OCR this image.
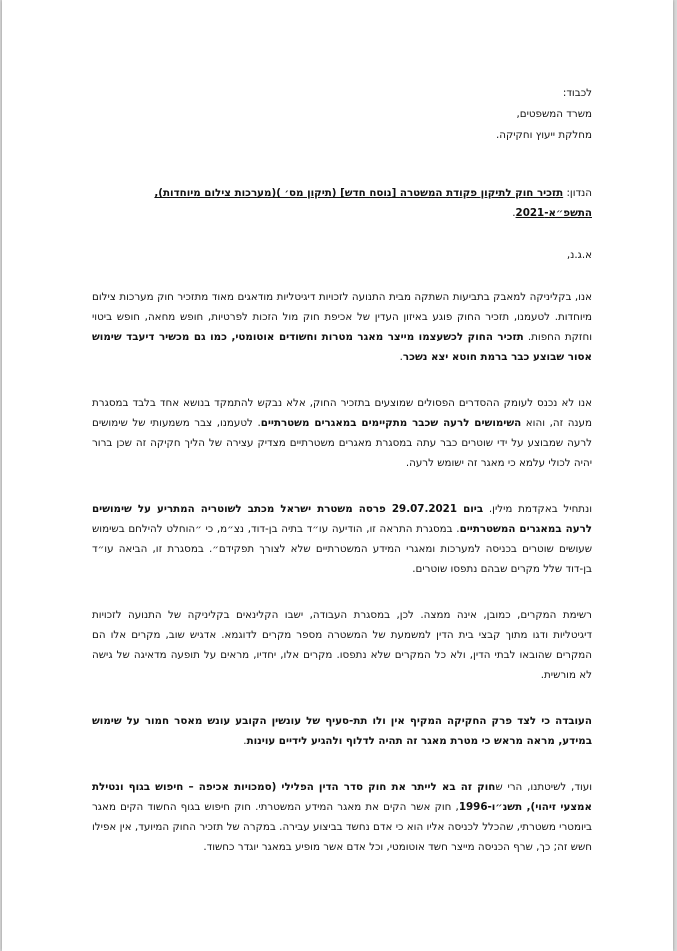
לכבוד:

משרד המשפטים,

מחלקת ייעוץ וחקיקה.

הנדון: תזכיר חוק לתיקון פקודת המשטרה [נוסח חדש] (תיקון מס׳ )(מערכות צילום מיוחדות), התשפ״א-2021.

א.ג.נ,

אנו, בקליניקה למאבק בתביעות השתקה מבית התנועה לזכויות דיגיטליות מודאגים מאוד מתזכיר חוק מערכות צילום מיוחדות. לטעמנו, תזכיר החוק פוגע באיזון העדין של אכיפת חוק מול הזכות לפרטיות, חופש מחאה, חופש ביטוי וחזקת החפות. תזכיר החוק לכשעצמו מייצר מאגר מטרות וחשודים אוטומטי, כמו גם מכשיר דיעבד שימוש אסור שבוצע כבר ברמת חוטא יצא נשכר.

אנו לא נכנס לעומק ההסדרים הפסולים שמוצעים בתזכיר החוק, אלא נבקש להתמקד בנושא אחד בלבד במסגרת מענה זה, והוא השימושים לרעה שכבר מתקיימים במאגרים משטרתיים. לטעמנו, צבר משמעותי של שימושים לרעה שמבוצע על ידי שוטרים כבר עתה במסגרת מאגרים משטרתיים מצדיק עצירה של הליך חקיקה זה שכן ברור יהיה לכולי עלמא כי מאגר זה ישומש לרעה.

ונתחיל באקדמת מילין. ביום 29.07.2021 פרסה משטרת ישראל מכתב לשוטריה המתריע על שימושים לרעה במאגרים המשטרתיים. במסגרת התראה זו, הודיעה עו״ד בתיה בן-דוד, נצ״מ, כי ״הוחלט להילחם בשימוש שעושים שוטרים בכניסה למערכות ומאגרי המידע המשטרתיים שלא לצורך תפקידם״. במסגרת זו, הביאה עו״ד בן-דוד שלל מקרים שבהם נתפסו שוטרים.

רשימת המקרים, כמובן, אינה ממצה. לכן, במסגרת העבודה, ישבו הקלינאים בקליניקה של התנועה לזכויות דיגיטליות ודגו מתוך קבצי בית הדין למשמעת של המשטרה מספר מקרים לדוגמא. אדגיש שוב, מקרים אלו הם המקרים שהובאו לבתי הדין, ולא כל המקרים שלא נתפסו. מקרים אלו, יחדיו, מראים על תופעה מדאיגה של גישה לא מורשית.

העובדה כי לצד פרק החקיקה המקיף אין ולו תת-סעיף של עונשין הקובע עונש מאסר חמור על שימוש במידע, מראה מראש כי מטרת מאגר זה תהיה לדלוף ולהגיע לידיים עוינות.

ועוד, לשיטתנו, הרי שחוק זה בא לייתר את חוק סדר הדין הפלילי (סמכויות אכיפה – חיפוש בגוף ונטילת אמצעי זיהוי), תשנ״ו-1996, חוק אשר הקים את מאגר המידע המשטרתי. חוק חיפוש בגוף החשוד הקים מאגר ביומטרי משטרתי, שהכלל לכניסה אליו הוא כי אדם נחשד בביצוע עבירה. במקרה של תזכיר החוק המיועד, אין אפילו חשש זה; כך, שרף הכניסה מייצר חשד אוטומטי, וכל אדם אשר מופיע במאגר יוגדר כחשוד.
